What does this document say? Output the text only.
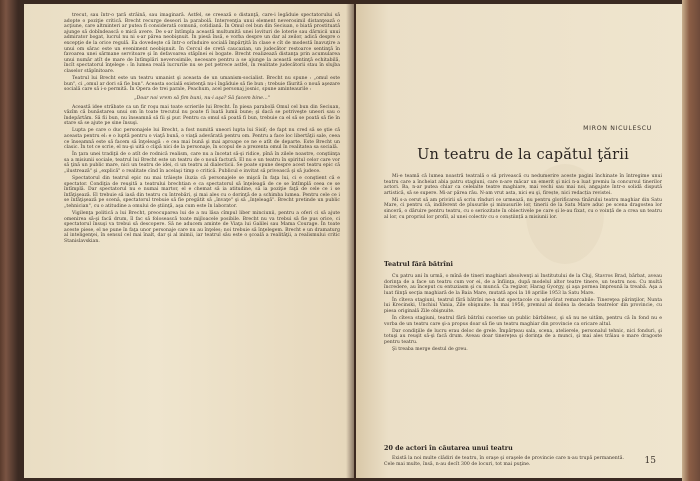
trecut, sau într-o ţară străină, sau imaginară. Astfel, se creează o distanţă, care-i legăduie spectatorului să adopte o poziţie critică. Brecht recurge deseori la parabolă. Intervenţia unui element neverosimil distanţează o acţiune, care altminteri ar putea fi considerată comună, cotidiană. În Omul cel bun din Seciuan, o biată prostituată ajunge să dobîndească o mică avere. De s-ar întîmpla această multumită unei lovituri de loterie sau dărnicii unui admirator bogat, lucrul nu ni s-ar părea neobişnuit. În piesă însă, e vorba despre un dar al zeilor, adică despre o excepţie de la orice regulă. Ea dovedeşte că într-o orînduire socială împărţită în clase e cît de modestă înavuţire a unui om sărac este un eveniment neobişnuit. În Cercul de cretă caucazian, un judecător restoarce sentinţă în favoarea unei sărmane servitoare şi în defavoarea stăpînei ei bogate. Brecht realizează distanţa prin acumularea unui număr atît de mare de întîmplări neverosimile, necesare pentru a se ajunge la această sentinţă echitabilă, încît spectatorul înţelege : în lumea reală lucrurile nu se pot petrece astfel, în realitate judecătorii stau în slujba claselor stăpînitoare.

Teatrul lui Brecht este un teatru umanist şi aceasta de un umanism-socialist. Brecht nu spune : „omul este bun", ci „omul ar dori să fie bun". Aceasta socială existenţă nu-i îngăduie să fie bun ; trebuie făurită o nouă aşezare socială care să i-o permită. În Opera de trei parale, Peachum, acel personaj josnic, spune aminteaurile :

„Doar noi vrem să fim buni, nu-i aşa? Să facem bine..."

Această idee străbate ca un fir roşu mai toate scrierile lui Brecht. În piesa parabolă Omul cel bun din Seciuan, văzîm că bunăstarea unui om în toate trecutul nu poate fi luată lumii bune; şi dacă se potriveşte uneori sau o îndepărtăm. Să fii bun, nu înseamnă să fii şi pur. Pentru ca omul să poată fi bun, trebuie ca el să se poată să fie în stare să se ajute pe sine însuşi.

Lupta pe care o duc personajele lui Brecht, a fost numită uneori lupta lui Sisif; de fapt nu cred să se ştie că aceasta pentru el: e o luptă pentru o viaţă bună, o viaţă adevărată pentru om. Pentru a face loc libertăţii sale, ceea ce înseamnă este să facem să înţeleagă : e cea mai bună şi mai aproape ce ne e atît de departe. Este Brecht un clasic. În tot ce scrie, el nu-şi uită o clipă nici de la personaje, în scopul de a prezenta omul în realitatea sa socială.

În ţara unei tradiţii de o atît de rodnică realism, care nu a încetat să-şi ridice, pînă în zilele noastre, conştiinţa sa a misiunii sociale, teatrul lui Brecht este un teatru de o nouă factură. El nu e un teatru în spiritul celor care vor să ţină un public mare, nici un teatru de idei, ci un teatru al dialecticii. Se poate spune despre acest teatru epic că „ilustrează" şi „explică" o realitate cînd în acelaşi timp o critică. Publicul e invitat să privească şi să judece.

Spectatorul din teatrul epic nu mai trăieşte iluzia că personajele se mişcă în faţa lui, ci e conştient că e spectator. Condiţia de reuşită a teatrului brechtian e ca spectatorul să înţeleagă de ce se întîmplă ceea ce se întîmplă. Dar spectatorul nu e numai martor, el e chemat să ia atitudine, să ia poziţie faţă de cele ce i se înfăţişează. El trebuie să iasă din teatru cu întrebări, şi mai ales cu o dorinţă de a schimba lumea. Pentru cele ce i se înfăţişează pe scenă, spectatorul trebuie să fie pregătit să „învaţe" şi să „înţeleagă". Brecht pretinde un public „tehnician", cu o atitudine a omului de ştiinţă, aşa cum este în laborator.

Vigilenţa politică a lui Brecht, preocuparea lui de a nu lăsa cîmpul liber minciunii, pentru a oferi ci să ajute omenirea să-şi facă drum, îl fac să folosească toate mijloacele posibile. Brecht nu va trebui să fie pus orice, ci spectatorul însuşi va trebui să descopere. Să ne aducem aminte de Viaţa lui Galilei sau Mama Courage. În toate aceste piese, el ne pune în faţa unor personaje care nu au înţeles; noi trebuie să înţelegem. Brecht e un dramaturg al inteligenţei, în sensul cel mai înalt, dar şi al inimii, iar teatrul său este o şcoală a realităţii, a realismului critic Stanislavskian.

MIRON NICULESCU
Un teatru de la capătul ţării

Mi-e teamă că lumea noastră teatrală o să privească cu nedumerire aceste pagini închinate în întregime unui teatru care a încheiat abia patru stagiuni, care n-are măcar un emerit şi nici n-a luat premiu la concursul tinerilor actori. Ba, n-ar putea chiar ca celelalte teatre maghiare, mai vechi sau mai noi, angajate într-o solidă dispută artistică, să se supere. Mi-ar părea rău. N-am vrut asta, nici eu şi, firește, nici redacția revistei.

Mi s-a cerut să am privirii să scriu rînduri ce urmează, nu pentru glorificarea tînărului teatru maghiar din Satu Mare, ci pentru că, indiferent de plusurile şi minusurile lor, tinerii de la Satu Mare aduc pe scena dragostea lor sinceră, o dăruire pentru teatru, cu o seriozitate în obiectivele pe care și le-au fixat, cu o voință de a crea un teatru al lor, cu propriul lor profil, al unei colectiv cu o conștiință a misiunii lor.

Teatrul fără bătrîni

Cu patru ani în urmă, o mînă de tineri maghiari absolvenţi ai Institutului de la Cluj, Stavros Brad, bărbat, aveau dorinţa de a face un teatru cum vor ei, de a înfiinţa, după modelul altor teatre tinere, un teatru nou. Cu multă încredere, au început cu entuziasm şi cu muncă. Ca regizor, Harag Gyorgy, şi aşa pornea împreună la treabă. Aşa a luat fiinţă secţia maghiară de la Baia Mare, mutată apoi la 18 aprilie 1953 la Satu Mare.

În cîteva stagiuni, teatrul fără bătrîni ne-a dat spectacole cu adevărat remarcabile: Tinereţea părinţilor, Nunta lui Krecinski, Unchiul Vania, Zile obişnuite. În mai 1956, premiul al doilea la decada teatrelor din provincie, cu piesa originală Zile obişnuite.

În cîteva stagiuni, teatrul fără bătrîni cucerise un public bărbătesc, şi să nu ne uităm, pentru că în fond nu e vorba de un teatru care şi-a propus doar să fie un teatru maghiar din provincie ca oricare altul.

Dar condiţiile de lucru erau deloc de grele. Împărţeau sala, scena, atelierele, personalul tehnic, nici fonduri, şi totuşi au reuşit să-şi facă drum. Aveau doar tinereţea şi dorinţa de a munci, şi mai ales trăiau o mare dragoste pentru teatru.

Şi treaba merge destul de greu.

20 de actori în căutarea unui teatru

Există la noi multe clădiri de teatru, în oraşe şi oraşele de provincie care n-au trupă permanentă. Cele mai multe, însă, n-au decît 300 de locuri, tot mai puţine.	15
